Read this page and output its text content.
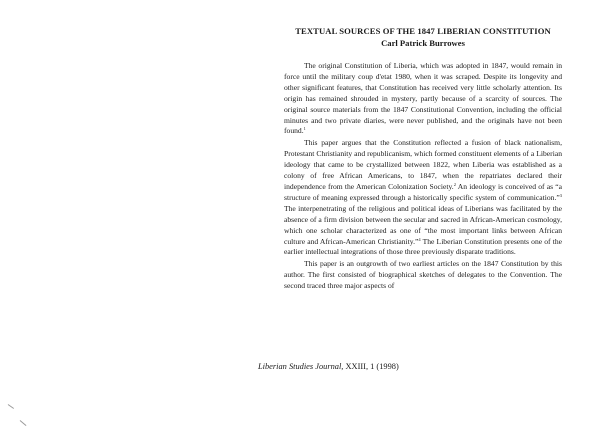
TEXTUAL SOURCES OF THE 1847 LIBERIAN CONSTITUTION

Carl Patrick Burrowes

The original Constitution of Liberia, which was adopted in 1847, would remain in force until the military coup d'etat 1980, when it was scraped. Despite its longevity and other significant features, that Constitution has received very little scholarly attention. Its origin has remained shrouded in mystery, partly because of a scarcity of sources. The original source materials from the 1847 Constitutional Convention, including the official minutes and two private diaries, were never published, and the originals have not been found.$^1$

This paper argues that the Constitution reflected a fusion of black nationalism, Protestant Christianity and republicanism, which formed constituent elements of a Liberian ideology that came to be crystallized between 1822, when Liberia was established as a colony of free African Americans, to 1847, when the repatriates declared their independence from the American Colonization Society.$^2$ An ideology is conceived of as “a structure of meaning expressed through a historically specific system of communication.”$^3$ The interpenetrating of the religious and political ideas of Liberians was facilitated by the absence of a firm division between the secular and sacred in African-American cosmology, which one scholar characterized as one of “the most important links between African culture and African-American Christianity.”$^4$ The Liberian Constitution presents one of the earlier intellectual integrations of those three previously disparate traditions.

This paper is an outgrowth of two earliest articles on the 1847 Constitution by this author. The first consisted of biographical sketches of delegates to the Convention. The second traced three major aspects of

Liberian Studies Journal, XXIII, 1 (1998)
